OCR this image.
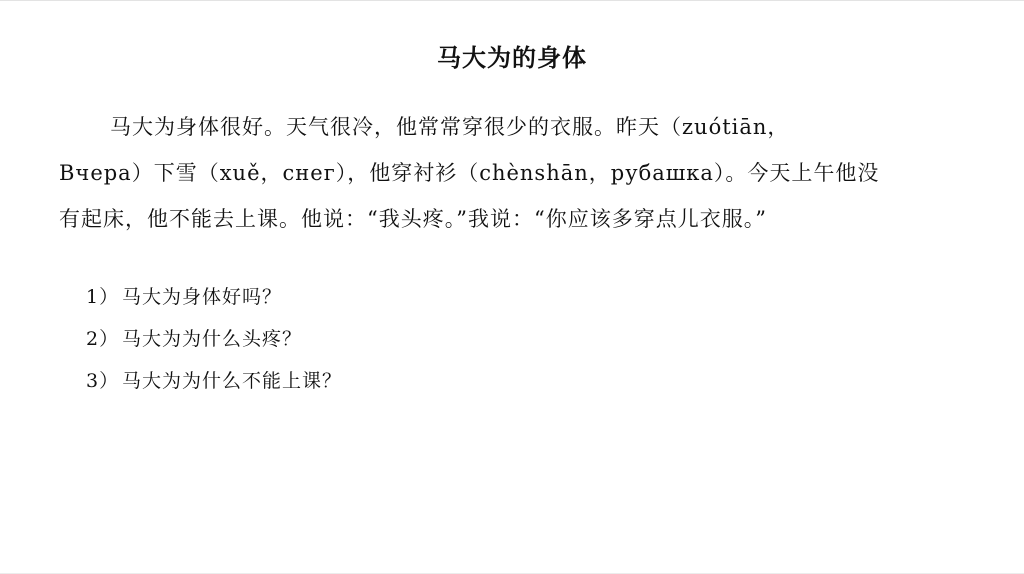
马大为的身体
马大为身体很好。天气很冷，他常常穿很少的衣服。昨天（zuótiān，
Вчера）下雪（xuě，снег），他穿衬衫（chènshān，рубашка）。今天上午他没
有起床，他不能去上课。他说：“我头疼。”我说：“你应该多穿点儿衣服。”
1） 马大为身体好吗？
2） 马大为为什么头疼？
3） 马大为为什么不能上课？
